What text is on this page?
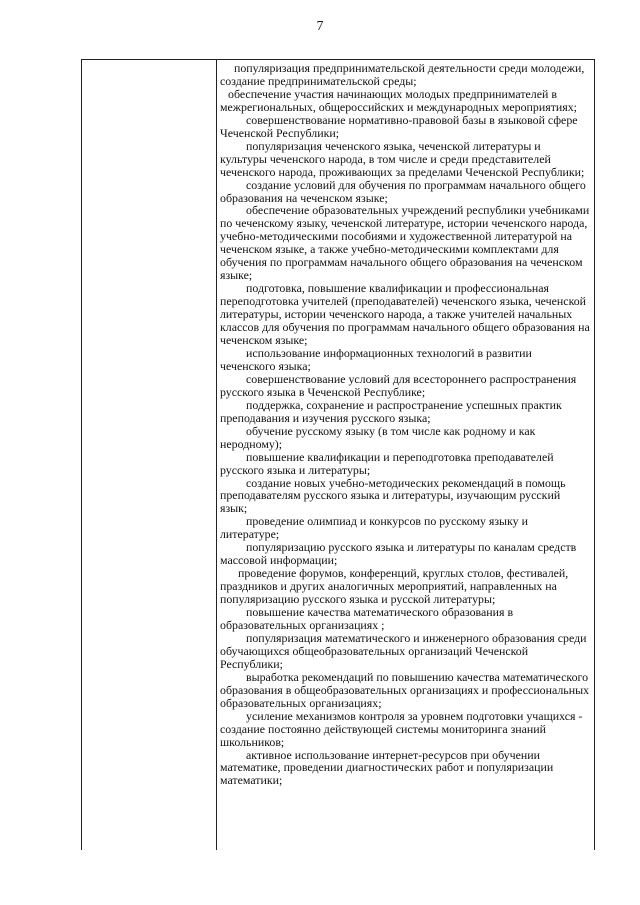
7

популяризация предпринимательской деятельности среди молодежи, создание предпринимательской среды;

обеспечение участия начинающих молодых предпринимателей в межрегиональных, общероссийских и международных мероприятиях;

совершенствование нормативно-правовой базы в языковой сфере Чеченской Республики;

популяризация чеченского языка, чеченской литературы и культуры чеченского народа, в том числе и среди представителей чеченского народа, проживающих за пределами Чеченской Республики;

создание условий для обучения по программам начального общего образования на чеченском языке;

обеспечение образовательных учреждений республики учебниками по чеченскому языку, чеченской литературе, истории чеченского народа, учебно-методическими пособиями и художественной литературой на чеченском языке, а также учебно-методическими комплектами для обучения по программам начального общего образования на чеченском языке;

подготовка, повышение квалификации и профессиональная переподготовка учителей (преподавателей) чеченского языка, чеченской литературы, истории чеченского народа, а также учителей начальных классов для обучения по программам начального общего образования на чеченском языке;

использование информационных технологий в развитии чеченского языка;

совершенствование условий для всестороннего распространения русского языка в Чеченской Республике;

поддержка, сохранение и распространение успешных практик преподавания и изучения русского языка;

обучение русскому языку (в том числе как родному и как неродному);

повышение квалификации и переподготовка преподавателей русского языка и литературы;

создание новых учебно-методических рекомендаций в помощь преподавателям русского языка и литературы, изучающим русский язык;

проведение олимпиад и конкурсов по русскому языку и литературе;

популяризацию русского языка и литературы по каналам средств массовой информации;

проведение форумов, конференций, круглых столов, фестивалей, праздников и других аналогичных мероприятий, направленных на популяризацию русского языка и русской литературы;

повышение качества математического образования в образовательных организациях ;

популяризация математического и инженерного образования среди обучающихся общеобразовательных организаций Чеченской Республики;

выработка рекомендаций по повышению качества математического образования в общеобразовательных организациях и профессиональных образовательных организациях;

усиление механизмов контроля за уровнем подготовки учащихся - создание постоянно действующей системы мониторинга знаний школьников;

активное использование интернет-ресурсов при обучении математике, проведении диагностических работ и популяризации математики;
